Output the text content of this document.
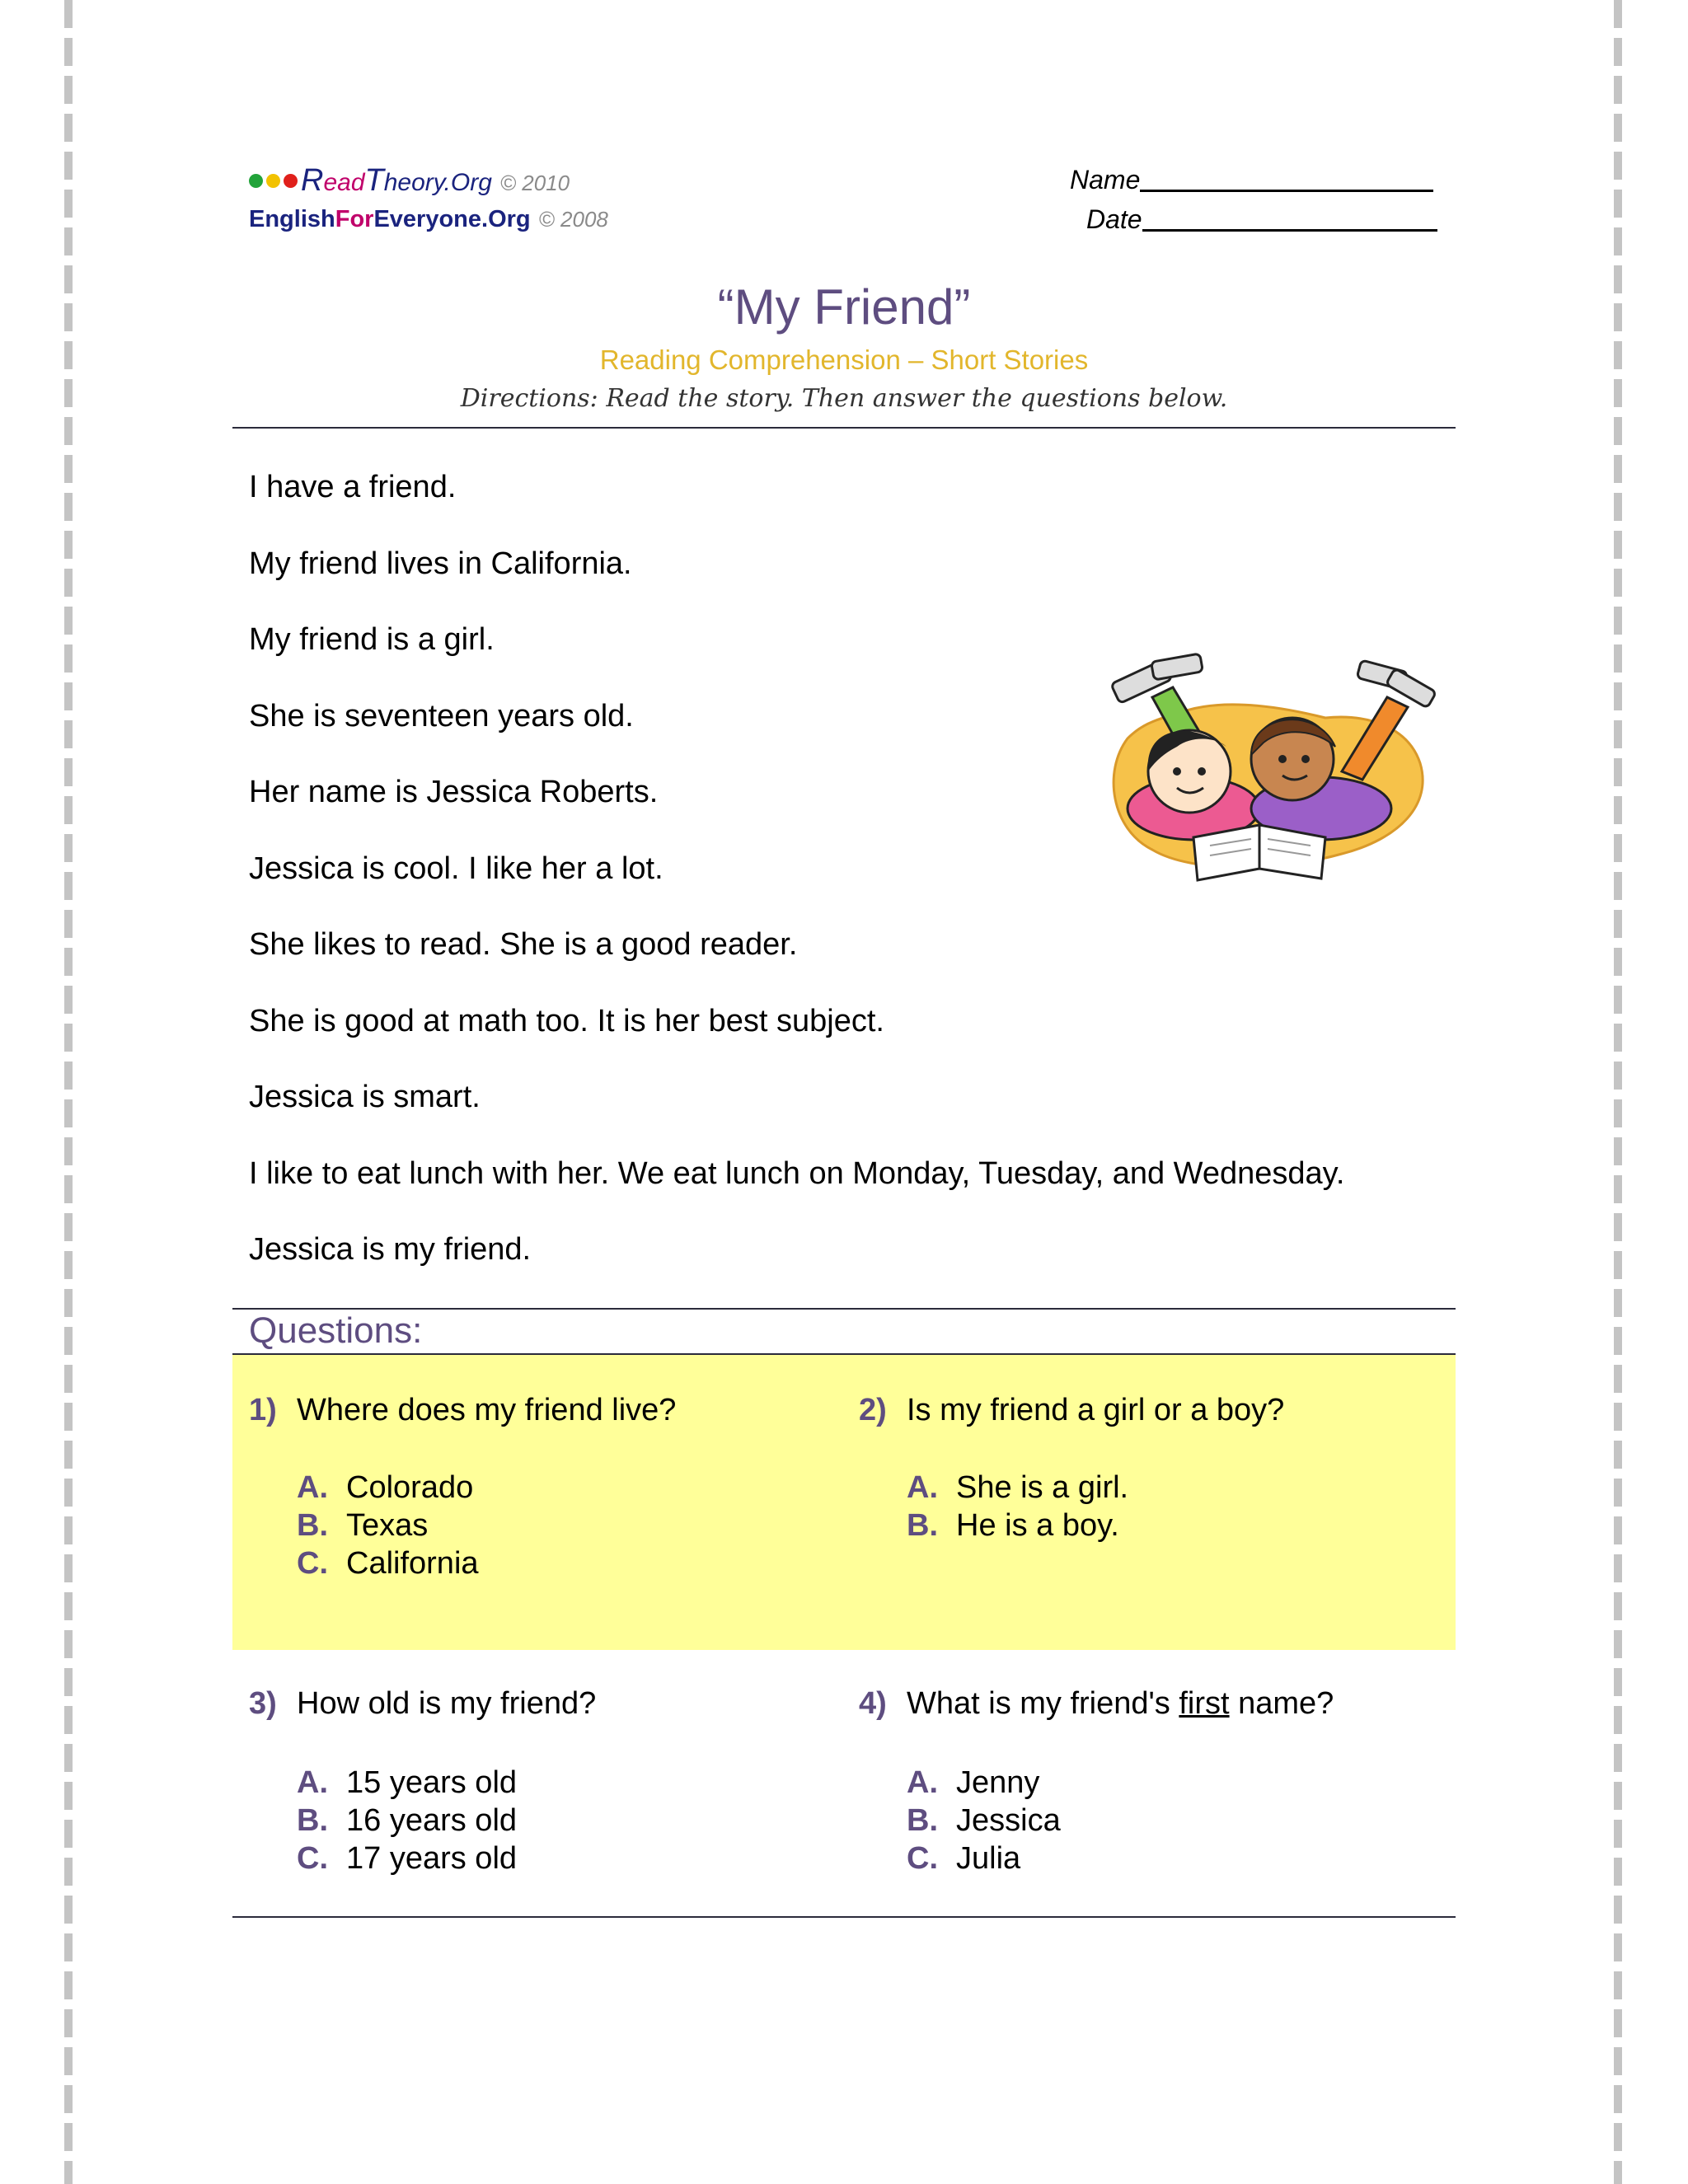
ReadTheory.Org © 2010
EnglishForEveryone.Org © 2008
Name
Date
“My Friend”
Reading Comprehension – Short Stories
Directions: Read the story. Then answer the questions below.
I have a friend.
My friend lives in California.
My friend is a girl.
She is seventeen years old.
Her name is Jessica Roberts.
Jessica is cool. I like her a lot.
She likes to read. She is a good reader.
She is good at math too. It is her best subject.
Jessica is smart.
I like to eat lunch with her. We eat lunch on Monday, Tuesday, and Wednesday.
Jessica is my friend.
Questions:
1) Where does my friend live?
A. Colorado
B. Texas
C. California
2) Is my friend a girl or a boy?
A. She is a girl.
B. He is a boy.
3) How old is my friend?
A. 15 years old
B. 16 years old
C. 17 years old
4) What is my friend's first name?
A. Jenny
B. Jessica
C. Julia
